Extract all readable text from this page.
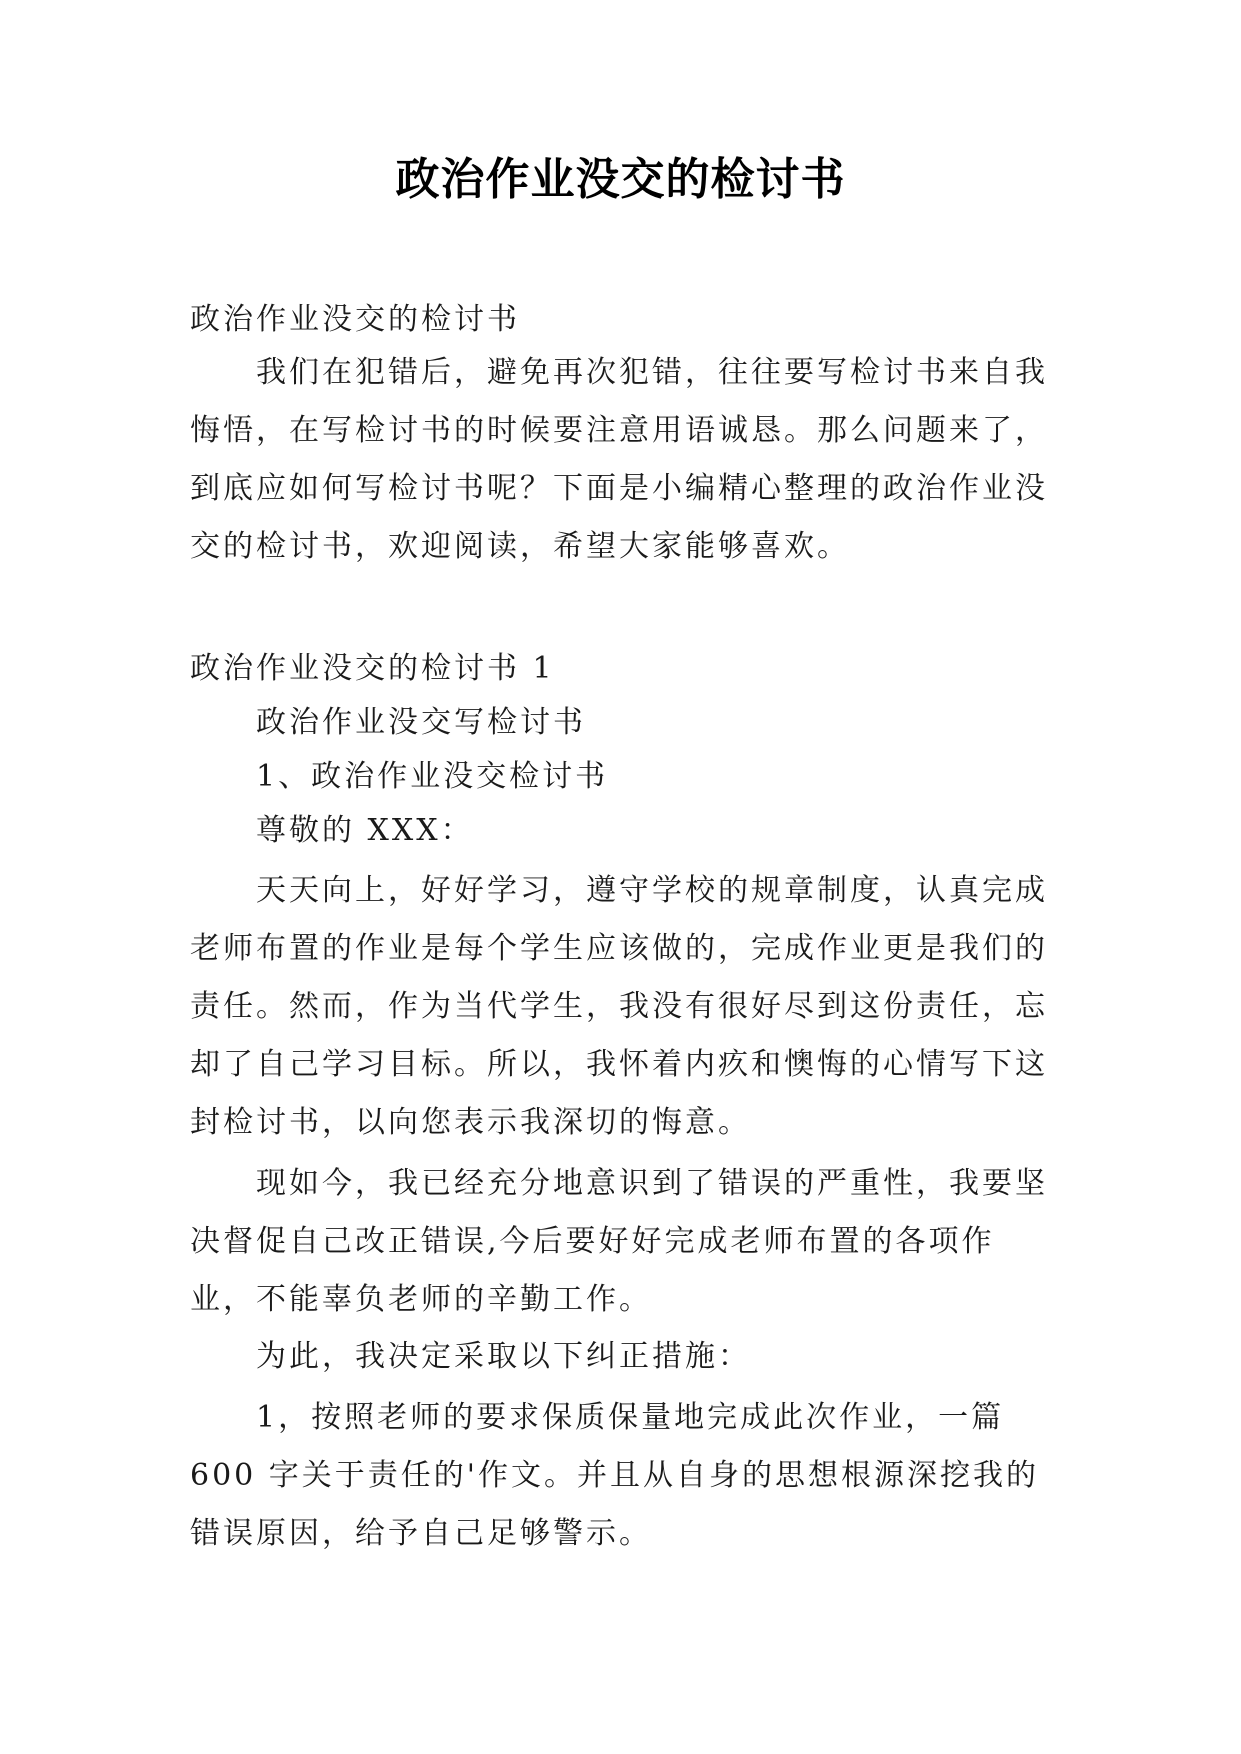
政治作业没交的检讨书

政治作业没交的检讨书

我们在犯错后，避免再次犯错，往往要写检讨书来自我悔悟，在写检讨书的时候要注意用语诚恳。那么问题来了，到底应如何写检讨书呢？下面是小编精心整理的政治作业没交的检讨书，欢迎阅读，希望大家能够喜欢。

政治作业没交的检讨书 1

政治作业没交写检讨书

1、政治作业没交检讨书

尊敬的 XXX：

天天向上，好好学习，遵守学校的规章制度，认真完成老师布置的作业是每个学生应该做的，完成作业更是我们的责任。然而，作为当代学生，我没有很好尽到这份责任，忘却了自己学习目标。所以，我怀着内疚和懊悔的心情写下这封检讨书，以向您表示我深切的悔意。

现如今，我已经充分地意识到了错误的严重性，我要坚决督促自己改正错误,今后要好好完成老师布置的各项作业，不能辜负老师的辛勤工作。

为此，我决定采取以下纠正措施：

1，按照老师的要求保质保量地完成此次作业，一篇 600 字关于责任的'作文。并且从自身的思想根源深挖我的错误原因，给予自己足够警示。
